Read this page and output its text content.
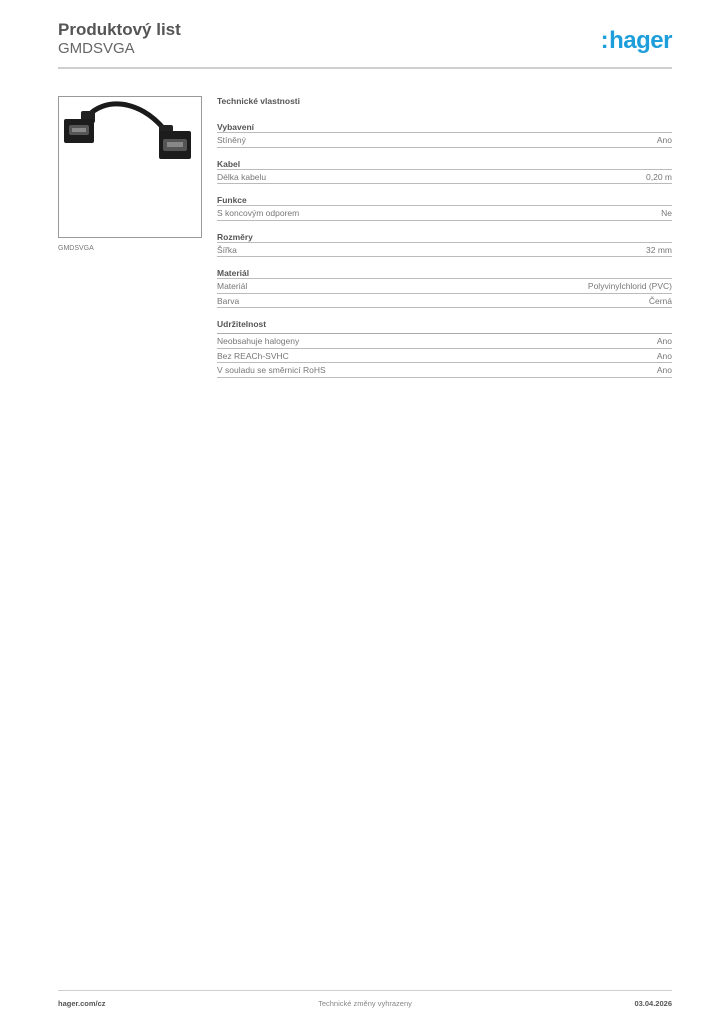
Produktový list
GMDSVGA	:hager
GMDSVGA
Technické vlastnosti
Vybavení
Stíněný	Ano
Kabel
Délka kabelu	0,20 m
Funkce
S koncovým odporem	Ne
Rozměry
Šířka	32 mm
Materiál
Materiál	Polyvinylchlorid (PVC)
Barva	Černá
Udržitelnost
Neobsahuje halogeny	Ano
Bez REACh-SVHC	Ano
V souladu se směrnicí RoHS	Ano
hager.com/cz	Technické změny vyhrazeny	03.04.2026
